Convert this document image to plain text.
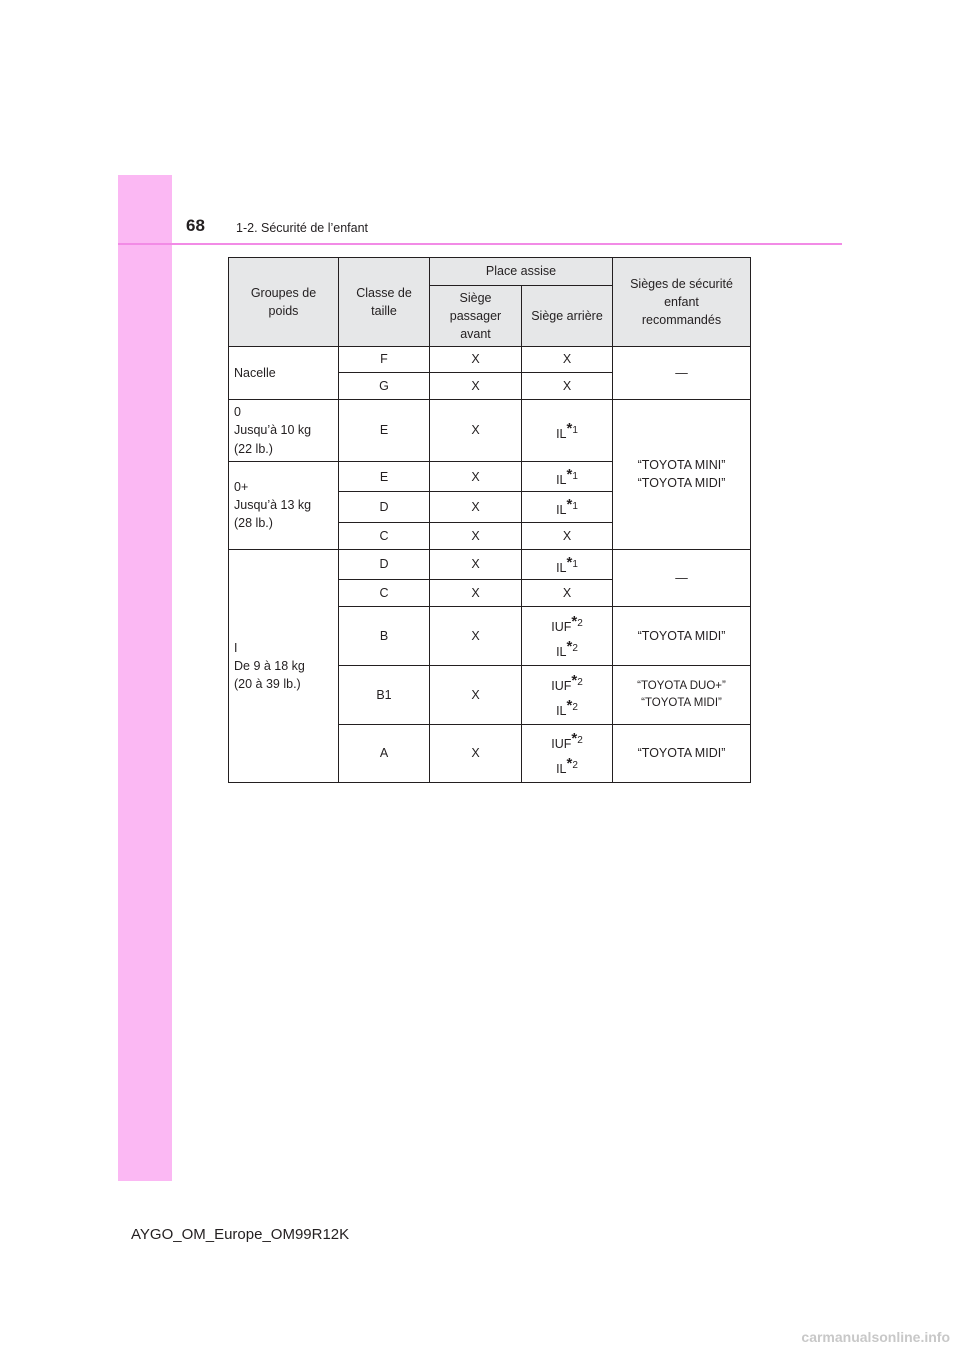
68 1-2. Sécurité de l’enfant
Groupes de
poids	Classe de
taille	Place assise		Sièges de sécurité
enfant
recommandés
		Siège
passager
avant	Siège arrière	
Nacelle	F	X	X	—
	G	X	X	
0
Jusqu’à 10 kg
(22 lb.)	E	X	IL$^{*1}$	“TOYOTA MINI”
“TOYOTA MIDI”
0+
Jusqu’à 13 kg
(28 lb.)	E	X	IL$^{*1}$
	D	X	IL$^{*1}$
	C	X	X	
I
De 9 à 18 kg
(20 à 39 lb.)	D	X	IL$^{*1}$	—
	C	X	X	
	B	X	IUF$^{*2}$
IL$^{*2}$	“TOYOTA MIDI”
	B1	X	IUF$^{*2}$
IL$^{*2}$	“TOYOTA DUO+”
“TOYOTA MIDI”
	A	X	IUF$^{*2}$
IL$^{*2}$	“TOYOTA MIDI”
AYGO_OM_Europe_OM99R12K
carmanualsonline.info
